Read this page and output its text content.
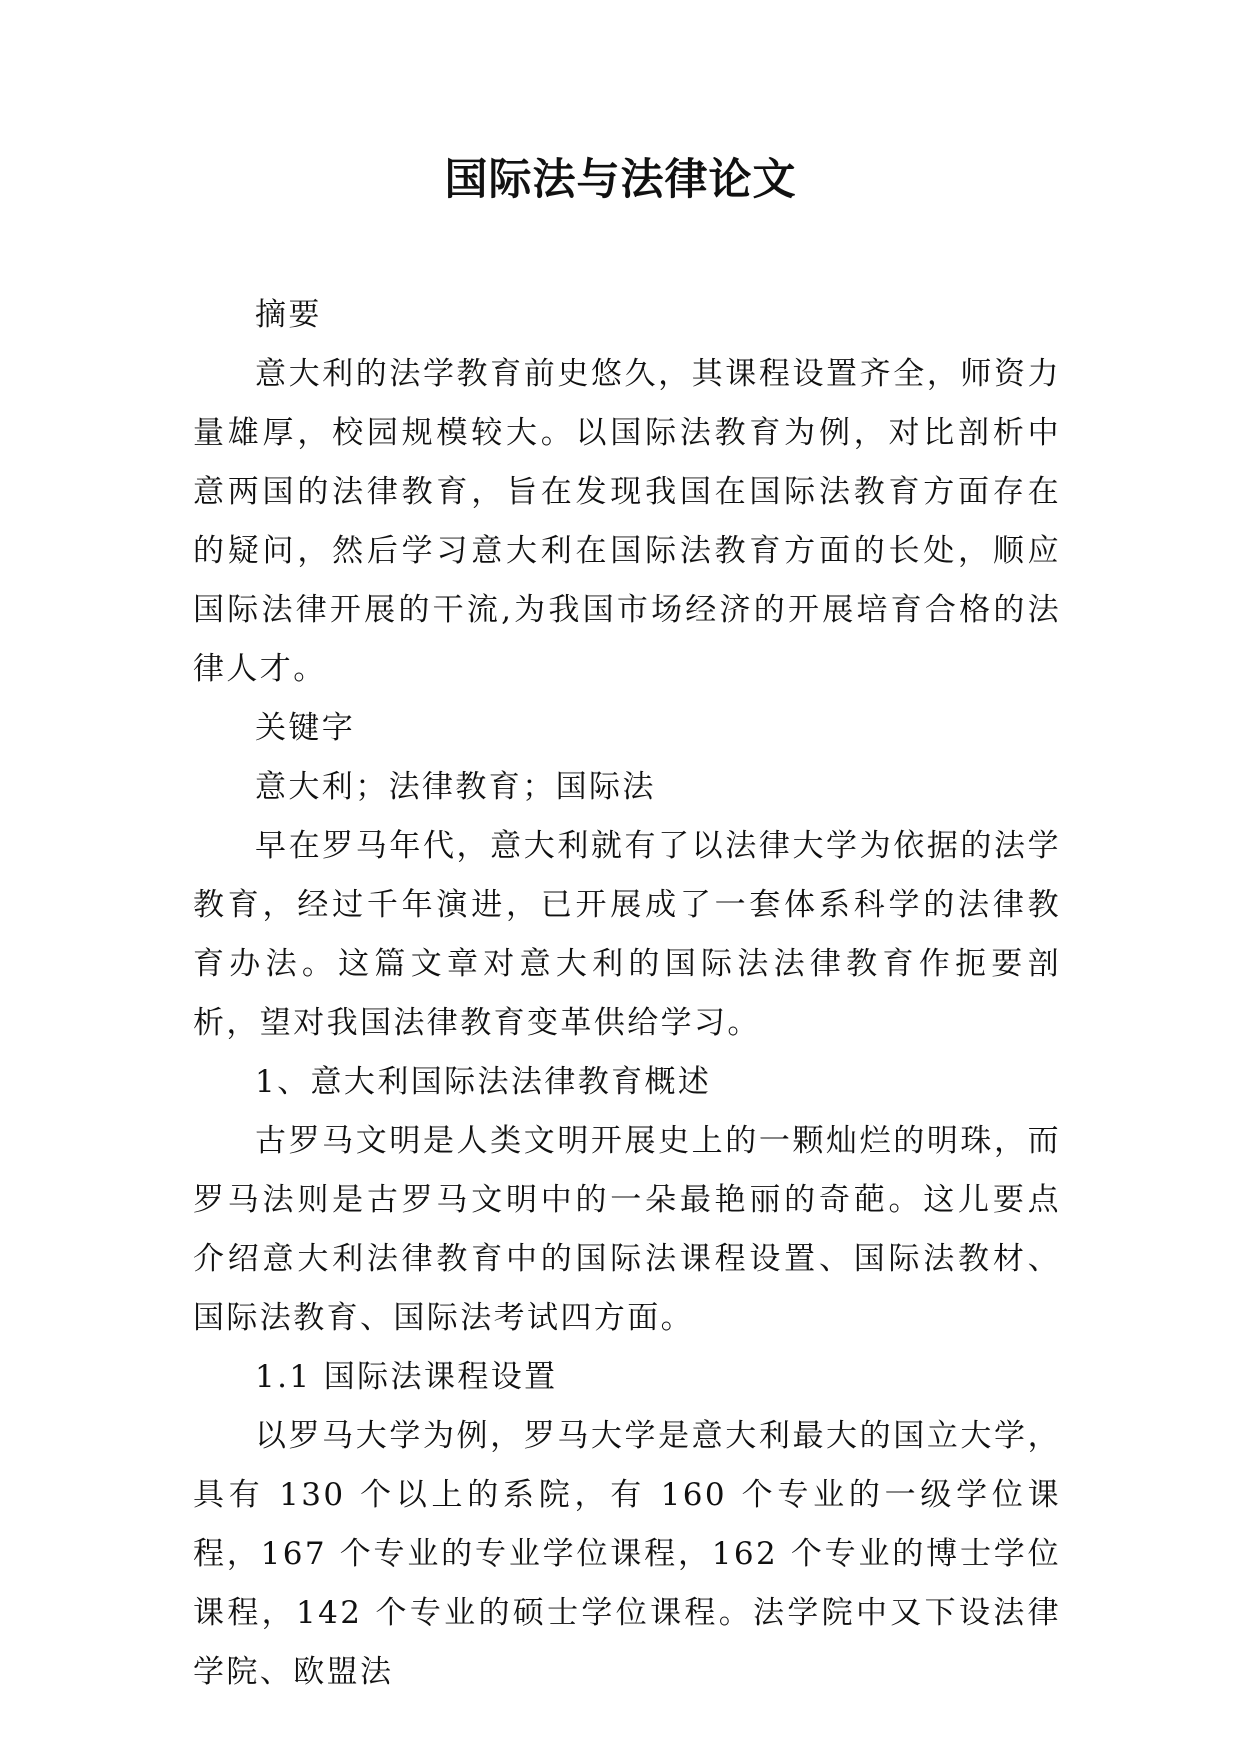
国际法与法律论文

摘要

意大利的法学教育前史悠久，其课程设置齐全，师资力量雄厚，校园规模较大。以国际法教育为例，对比剖析中意两国的法律教育，旨在发现我国在国际法教育方面存在的疑问，然后学习意大利在国际法教育方面的长处，顺应国际法律开展的干流,为我国市场经济的开展培育合格的法律人才。

关键字

意大利；法律教育；国际法

早在罗马年代，意大利就有了以法律大学为依据的法学教育，经过千年演进，已开展成了一套体系科学的法律教育办法。这篇文章对意大利的国际法法律教育作扼要剖析，望对我国法律教育变革供给学习。

1、意大利国际法法律教育概述

古罗马文明是人类文明开展史上的一颗灿烂的明珠，而罗马法则是古罗马文明中的一朵最艳丽的奇葩。这儿要点介绍意大利法律教育中的国际法课程设置、国际法教材、国际法教育、国际法考试四方面。

1.1 国际法课程设置

以罗马大学为例，罗马大学是意大利最大的国立大学，具有 130 个以上的系院，有 160 个专业的一级学位课程，167 个专业的专业学位课程，162 个专业的博士学位课程，142 个专业的硕士学位课程。法学院中又下设法律学院、欧盟法
